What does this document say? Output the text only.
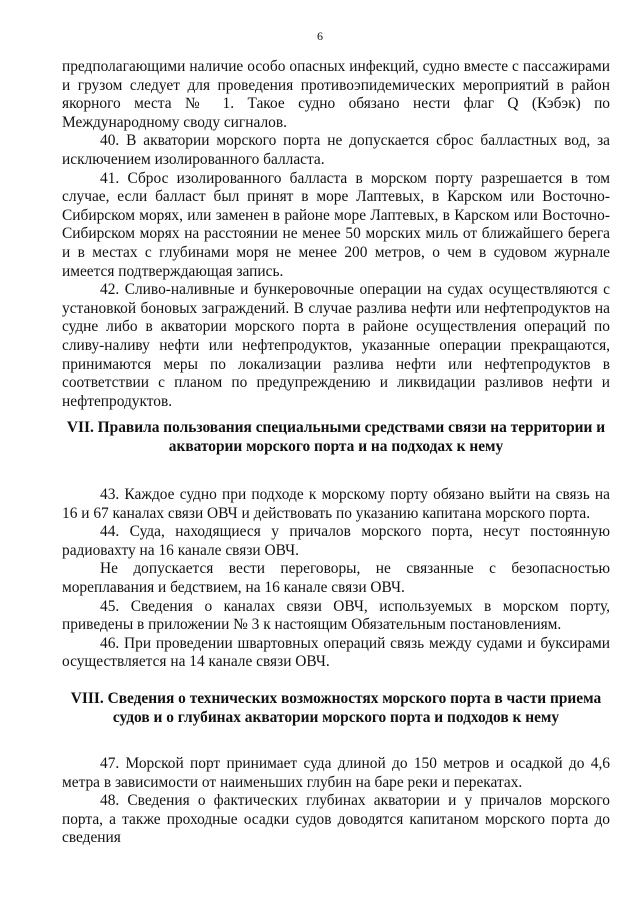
6

предполагающими наличие особо опасных инфекций, судно вместе с пассажирами и грузом следует для проведения противоэпидемических мероприятий в район якорного места № 1. Такое судно обязано нести флаг Q (Кэбэк) по Международному своду сигналов.

40. В акватории морского порта не допускается сброс балластных вод, за исключением изолированного балласта.

41. Сброс изолированного балласта в морском порту разрешается в том случае, если балласт был принят в море Лаптевых, в Карском или Восточно-Сибирском морях, или заменен в районе море Лаптевых, в Карском или Восточно-Сибирском морях на расстоянии не менее 50 морских миль от ближайшего берега и в местах с глубинами моря не менее 200 метров, о чем в судовом журнале имеется подтверждающая запись.

42. Сливо-наливные и бункеровочные операции на судах осуществляются с установкой боновых заграждений. В случае разлива нефти или нефтепродуктов на судне либо в акватории морского порта в районе осуществления операций по сливу-наливу нефти или нефтепродуктов, указанные операции прекращаются, принимаются меры по локализации разлива нефти или нефтепродуктов в соответствии с планом по предупреждению и ликвидации разливов нефти и нефтепродуктов.

VII. Правила пользования специальными средствами связи на территории и акватории морского порта и на подходах к нему

43. Каждое судно при подходе к морскому порту обязано выйти на связь на 16 и 67 каналах связи ОВЧ и действовать по указанию капитана морского порта.

44. Суда, находящиеся у причалов морского порта, несут постоянную радиовахту на 16 канале связи ОВЧ.

Не допускается вести переговоры, не связанные с безопасностью мореплавания и бедствием, на 16 канале связи ОВЧ.

45. Сведения о каналах связи ОВЧ, используемых в морском порту, приведены в приложении № 3 к настоящим Обязательным постановлениям.

46. При проведении швартовных операций связь между судами и буксирами осуществляется на 14 канале связи ОВЧ.

VIII. Сведения о технических возможностях морского порта в части приема судов и о глубинах акватории морского порта и подходов к нему

47. Морской порт принимает суда длиной до 150 метров и осадкой до 4,6 метра в зависимости от наименьших глубин на баре реки и перекатах.

48. Сведения о фактических глубинах акватории и у причалов морского порта, а также проходные осадки судов доводятся капитаном морского порта до сведения
